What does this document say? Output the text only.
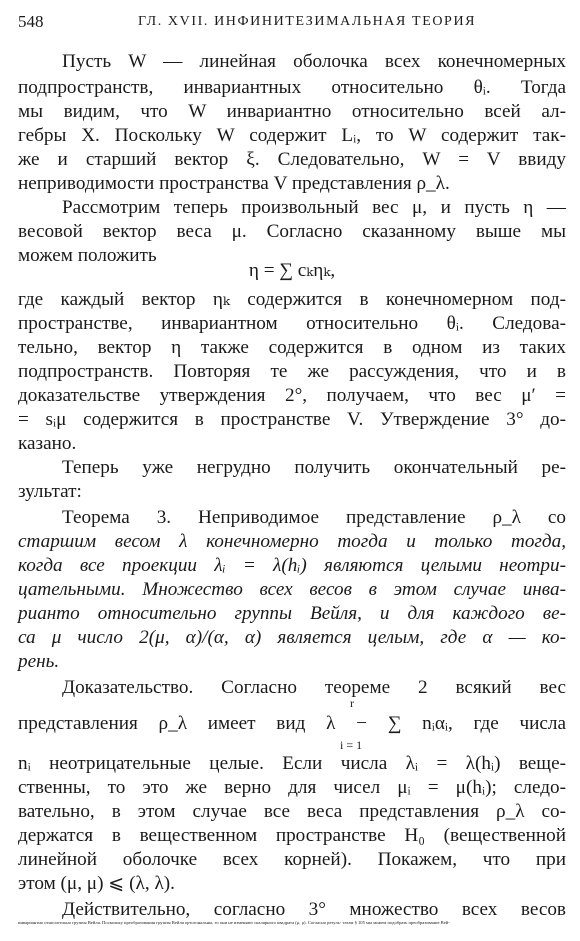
548	ГЛ. XVII. ИНФИНИТЕЗИМАЛЬНАЯ ТЕОРИЯ
Пусть W — линейная оболочка всех конечномерных
подпространств, инвариантных относительно θᵢ. Тогда
мы видим, что W инвариантно относительно всей ал-
гебры X. Поскольку W содержит Lᵢ, то W содержит так-
же и старший вектор ξ. Следовательно, W = V ввиду
неприводимости пространства V представления ρ_λ.
Рассмотрим теперь произвольный вес μ, и пусть η —
весовой вектор веса μ. Согласно сказанному выше мы
можем положить
η = ∑ cₖηₖ,
где каждый вектор ηₖ содержится в конечномерном под-
пространстве, инвариантном относительно θᵢ. Следова-
тельно, вектор η также содержится в одном из таких
подпространств. Повторяя те же рассуждения, что и в
доказательстве утверждения 2°, получаем, что вес μ′ =
= sᵢμ содержится в пространстве V. Утверждение 3° до-
казано.
Теперь уже негрудно получить окончательный ре-
зультат:
Теорема 3. Неприводимое представление ρ_λ со
старшим весом λ конечномерно тогда и только тогда,
когда все проекции λᵢ = λ(hᵢ) являются целыми неотри-
цательными. Множество всех весов в этом случае инва-
рианто относительно группы Вейля, и для каждого ве-
са μ число 2(μ, α)/(α, α) является целым, где α — ко-
рень.
Доказательство. Согласно теореме 2 всякий вес
представления ρ_λ имеет вид λ − ∑ nᵢαᵢ, где числа
r
i = 1
nᵢ неотрицательные целые. Если числа λᵢ = λ(hᵢ) веще-
ственны, то это же верно для чисел μᵢ = μ(hᵢ); следо-
вательно, в этом случае все веса представления ρ_λ со-
держатся в вещественном пространстве H₀ (вещественной
линейной оболочке всех корней). Покажем, что при
этом (μ, μ) ⩽ (λ, λ).
Действительно, согласно 3° множество всех весов
инвариантно относительно группы Вейля. Поскольку преобразования группы Вейля ортогональны, то они не изменяют скалярного квадрата (μ, μ). Согласно резуль- татам § 105 мы можем подобрать преобразование Вей-
